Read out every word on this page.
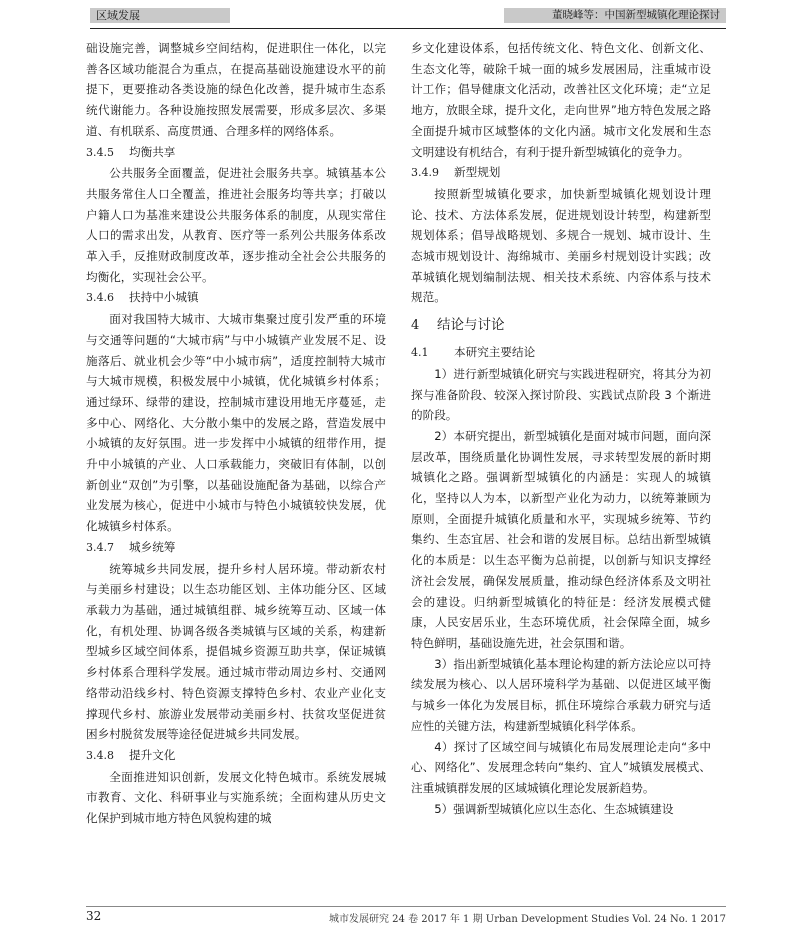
区域发展	董晓峰等：中国新型城镇化理论探讨

础设施完善，调整城乡空间结构，促进职住一体化，以完善各区域功能混合为重点，在提高基础设施建设水平的前提下，更要推动各类设施的绿色化改善，提升城市生态系统代谢能力。各种设施按照发展需要，形成多层次、多渠道、有机联系、高度贯通、合理多样的网络体系。

3.4.5 均衡共享

公共服务全面覆盖，促进社会服务共享。城镇基本公共服务常住人口全覆盖，推进社会服务均等共享；打破以户籍人口为基准来建设公共服务体系的制度，从现实常住人口的需求出发，从教育、医疗等一系列公共服务体系改革入手，反推财政制度改革，逐步推动全社会公共服务的均衡化，实现社会公平。

3.4.6 扶持中小城镇

面对我国特大城市、大城市集聚过度引发严重的环境与交通等问题的“大城市病”与中小城镇产业发展不足、设施落后、就业机会少等“中小城市病”，适度控制特大城市与大城市规模，积极发展中小城镇，优化城镇乡村体系；通过绿环、绿带的建设，控制城市建设用地无序蔓延，走多中心、网络化、大分散小集中的发展之路，营造发展中小城镇的友好氛围。进一步发挥中小城镇的纽带作用，提升中小城镇的产业、人口承载能力，突破旧有体制，以创新创业“双创”为引擎，以基础设施配备为基础，以综合产业发展为核心，促进中小城市与特色小城镇较快发展，优化城镇乡村体系。

3.4.7 城乡统筹

统筹城乡共同发展，提升乡村人居环境。带动新农村与美丽乡村建设；以生态功能区划、主体功能分区、区域承载力为基础，通过城镇组群、城乡统筹互动、区域一体化，有机处理、协调各级各类城镇与区域的关系，构建新型城乡区域空间体系，提倡城乡资源互助共享，保证城镇乡村体系合理科学发展。通过城市带动周边乡村、交通网络带动沿线乡村、特色资源支撑特色乡村、农业产业化支撑现代乡村、旅游业发展带动美丽乡村、扶贫攻坚促进贫困乡村脱贫发展等途径促进城乡共同发展。

3.4.8 提升文化

全面推进知识创新，发展文化特色城市。系统发展城市教育、文化、科研事业与实施系统；全面构建从历史文化保护到城市地方特色风貌构建的城

乡文化建设体系，包括传统文化、特色文化、创新文化、生态文化等，破除千城一面的城乡发展困局，注重城市设计工作；倡导健康文化活动，改善社区文化环境；走“立足地方，放眼全球，提升文化，走向世界”地方特色发展之路全面提升城市区域整体的文化内涵。城市文化发展和生态文明建设有机结合，有利于提升新型城镇化的竞争力。

3.4.9 新型规划

按照新型城镇化要求，加快新型城镇化规划设计理论、技术、方法体系发展，促进规划设计转型，构建新型规划体系；倡导战略规划、多规合一规划、城市设计、生态城市规划设计、海绵城市、美丽乡村规划设计实践；改革城镇化规划编制法规、相关技术系统、内容体系与技术规范。

4 结论与讨论
4.1 本研究主要结论

1）进行新型城镇化研究与实践进程研究，将其分为初探与准备阶段、较深入探讨阶段、实践试点阶段 3 个渐进的阶段。

2）本研究提出，新型城镇化是面对城市问题，面向深层改革，围绕质量化协调性发展，寻求转型发展的新时期城镇化之路。强调新型城镇化的内涵是：实现人的城镇化，坚持以人为本，以新型产业化为动力，以统筹兼顾为原则，全面提升城镇化质量和水平，实现城乡统筹、节约集约、生态宜居、社会和谐的发展目标。总结出新型城镇化的本质是：以生态平衡为总前提，以创新与知识支撑经济社会发展，确保发展质量，推动绿色经济体系及文明社会的建设。归纳新型城镇化的特征是：经济发展模式健康，人民安居乐业，生态环境优质，社会保障全面，城乡特色鲜明，基础设施先进，社会氛围和谐。

3）指出新型城镇化基本理论构建的新方法论应以可持续发展为核心、以人居环境科学为基础、以促进区域平衡与城乡一体化为发展目标，抓住环境综合承载力研究与适应性的关键方法，构建新型城镇化科学体系。

4）探讨了区域空间与城镇化布局发展理论走向“多中心、网络化”、发展理念转向“集约、宜人”城镇发展模式、注重城镇群发展的区域城镇化理论发展新趋势。

5）强调新型城镇化应以生态化、生态城镇建设

32	城市发展研究 24 卷 2017 年 1 期 Urban Development Studies Vol. 24 No. 1 2017
